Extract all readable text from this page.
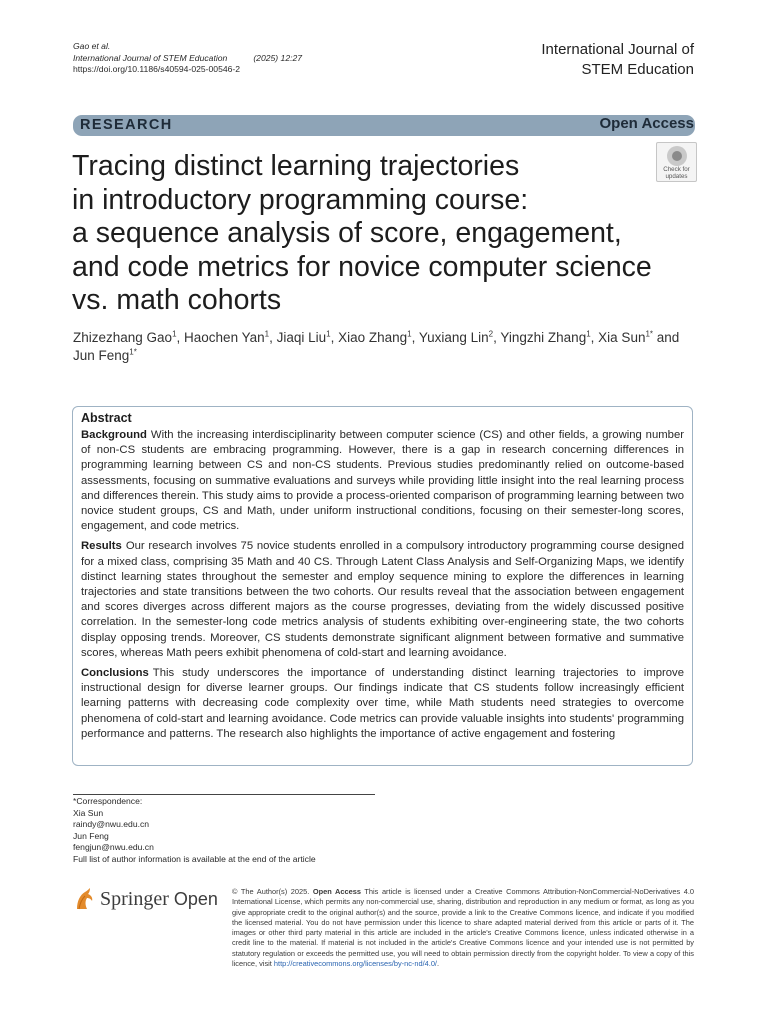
Gao et al.
International Journal of STEM Education	(2025) 12:27
https://doi.org/10.1186/s40594-025-00546-2
International Journal of
STEM Education
RESEARCH	Open Access
Check for
updates
Tracing distinct learning trajectories
in introductory programming course:
a sequence analysis of score, engagement,
and code metrics for novice computer science
vs. math cohorts
Zhizezhang Gao$^1$, Haochen Yan$^1$, Jiaqi Liu$^1$, Xiao Zhang$^1$, Yuxiang Lin$^2$, Yingzhi Zhang$^1$, Xia Sun$^{1*}$ and Jun Feng$^{1*}$
Abstract

Background With the increasing interdisciplinarity between computer science (CS) and other fields, a growing number of non-CS students are embracing programming. However, there is a gap in research concerning differences in programming learning between CS and non-CS students. Previous studies predominantly relied on outcome-based assessments, focusing on summative evaluations and surveys while providing little insight into the real learning process and differences therein. This study aims to provide a process-oriented comparison of programming learning between two novice student groups, CS and Math, under uniform instructional conditions, focusing on their semester-long scores, engagement, and code metrics.

Results Our research involves 75 novice students enrolled in a compulsory introductory programming course designed for a mixed class, comprising 35 Math and 40 CS. Through Latent Class Analysis and Self-Organizing Maps, we identify distinct learning states throughout the semester and employ sequence mining to explore the differences in learning trajectories and state transitions between the two cohorts. Our results reveal that the association between engagement and scores diverges across different majors as the course progresses, deviating from the widely discussed positive correlation. In the semester-long code metrics analysis of students exhibiting over-engineering state, the two cohorts display opposing trends. Moreover, CS students demonstrate significant alignment between formative and summative scores, whereas Math peers exhibit phenomena of cold-start and learning avoidance.

Conclusions This study underscores the importance of understanding distinct learning trajectories to improve instructional design for diverse learner groups. Our findings indicate that CS students follow increasingly efficient learning patterns with decreasing code complexity over time, while Math students need strategies to overcome phenomena of cold-start and learning avoidance. Code metrics can provide valuable insights into students' programming performance and patterns. The research also highlights the importance of active engagement and fostering

*Correspondence:
Xia Sun
raindy@nwu.edu.cn
Jun Feng
fengjun@nwu.edu.cn
Full list of author information is available at the end of the article
Springer Open © The Author(s) 2025. Open Access This article is licensed under a Creative Commons Attribution-NonCommercial-NoDerivatives 4.0 International License, which permits any non-commercial use, sharing, distribution and reproduction in any medium or format, as long as you give appropriate credit to the original author(s) and the source, provide a link to the Creative Commons licence, and indicate if you modified the licensed material. You do not have permission under this licence to share adapted material derived from this article or parts of it. The images or other third party material in this article are included in the article's Creative Commons licence, unless indicated otherwise in a credit line to the material. If material is not included in the article's Creative Commons licence and your intended use is not permitted by statutory regulation or exceeds the permitted use, you will need to obtain permission directly from the copyright holder. To view a copy of this licence, visit http://creativecommons.org/licenses/by-nc-nd/4.0/.
